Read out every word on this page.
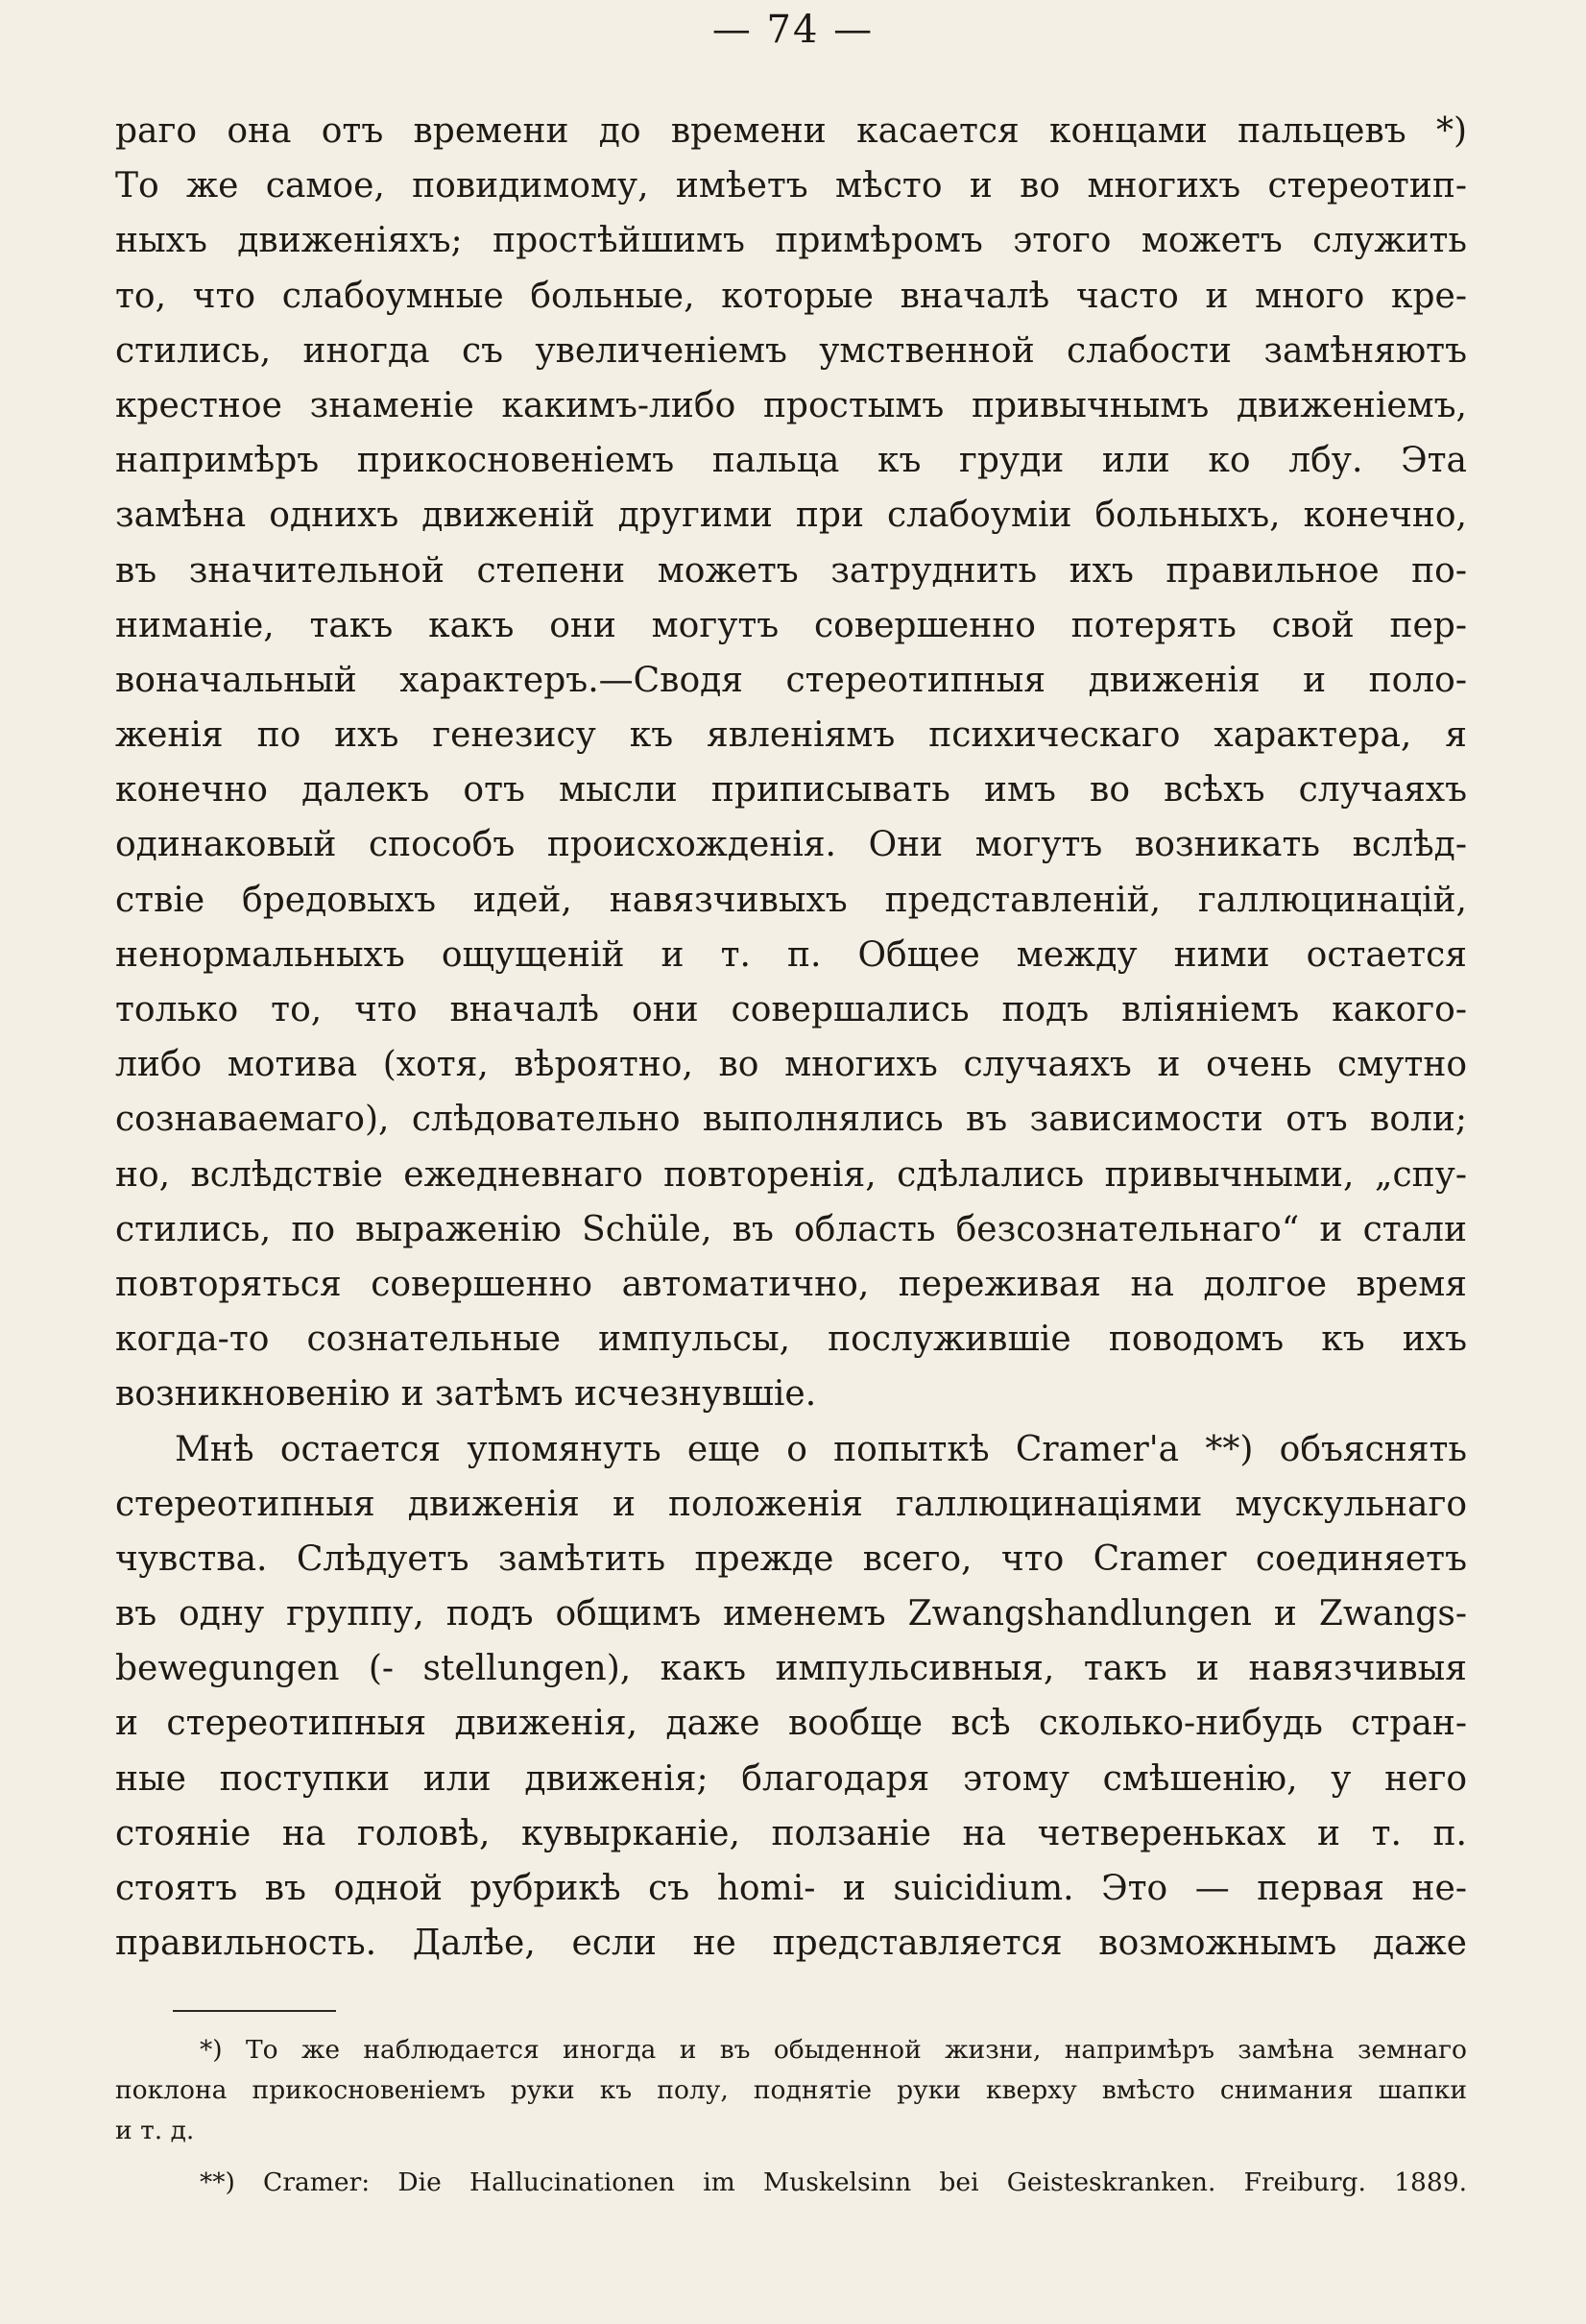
— 74 —
раго она отъ времени до времени касается концами пальцевъ *)
То же самое, повидимому, имѣетъ мѣсто и во многихъ стереотип-
ныхъ движеніяхъ; простѣйшимъ примѣромъ этого можетъ служить
то, что слабоумные больные, которые вначалѣ часто и много кре-
стились, иногда съ увеличеніемъ умственной слабости замѣняютъ
крестное знаменіе какимъ-либо простымъ привычнымъ движеніемъ,
напримѣръ прикосновеніемъ пальца къ груди или ко лбу. Эта
замѣна однихъ движеній другими при слабоуміи больныхъ, конечно,
въ значительной степени можетъ затруднить ихъ правильное по-
ниманіе, такъ какъ они могутъ совершенно потерять свой пер-
воначальный характеръ.—Сводя стереотипныя движенія и поло-
женія по ихъ генезису къ явленіямъ психическаго характера, я
конечно далекъ отъ мысли приписывать имъ во всѣхъ случаяхъ
одинаковый способъ происхожденія. Они могутъ возникать вслѣд-
ствіе бредовыхъ идей, навязчивыхъ представленій, галлюцинацій,
ненормальныхъ ощущеній и т. п. Общее между ними остается
только то, что вначалѣ они совершались подъ вліяніемъ какого-
либо мотива (хотя, вѣроятно, во многихъ случаяхъ и очень смутно
сознаваемаго), слѣдовательно выполнялись въ зависимости отъ воли;
но, вслѣдствіе ежедневнаго повторенія, сдѣлались привычными, „спу-
стились, по выраженію Schüle, въ область безсознательнаго“ и стали
повторяться совершенно автоматично, переживая на долгое время
когда-то сознательные импульсы, послужившіе поводомъ къ ихъ
возникновенію и затѣмъ исчезнувшіе.
Мнѣ остается упомянуть еще о попыткѣ Cramer'a **) объяснять
стереотипныя движенія и положенія галлюцинаціями мускульнаго
чувства. Слѣдуетъ замѣтить прежде всего, что Cramer соединяетъ
въ одну группу, подъ общимъ именемъ Zwangshandlungen и Zwangs-
bewegungen (- stellungen), какъ импульсивныя, такъ и навязчивыя
и стереотипныя движенія, даже вообще всѣ сколько-нибудь стран-
ные поступки или движенія; благодаря этому смѣшенію, у него
стояніе на головѣ, кувырканіе, ползаніе на четвереньках и т. п.
стоятъ въ одной рубрикѣ съ homi- и suicidium. Это — первая не-
правильность. Далѣе, если не представляется возможнымъ даже
*) То же наблюдается иногда и въ обыденной жизни, напримѣръ замѣна земнаго
поклона прикосновеніемъ руки къ полу, поднятіе руки кверху вмѣсто снимания шапки
и т. д.
**) Cramer: Die Hallucinationen im Muskelsinn bei Geisteskranken. Freiburg. 1889.
